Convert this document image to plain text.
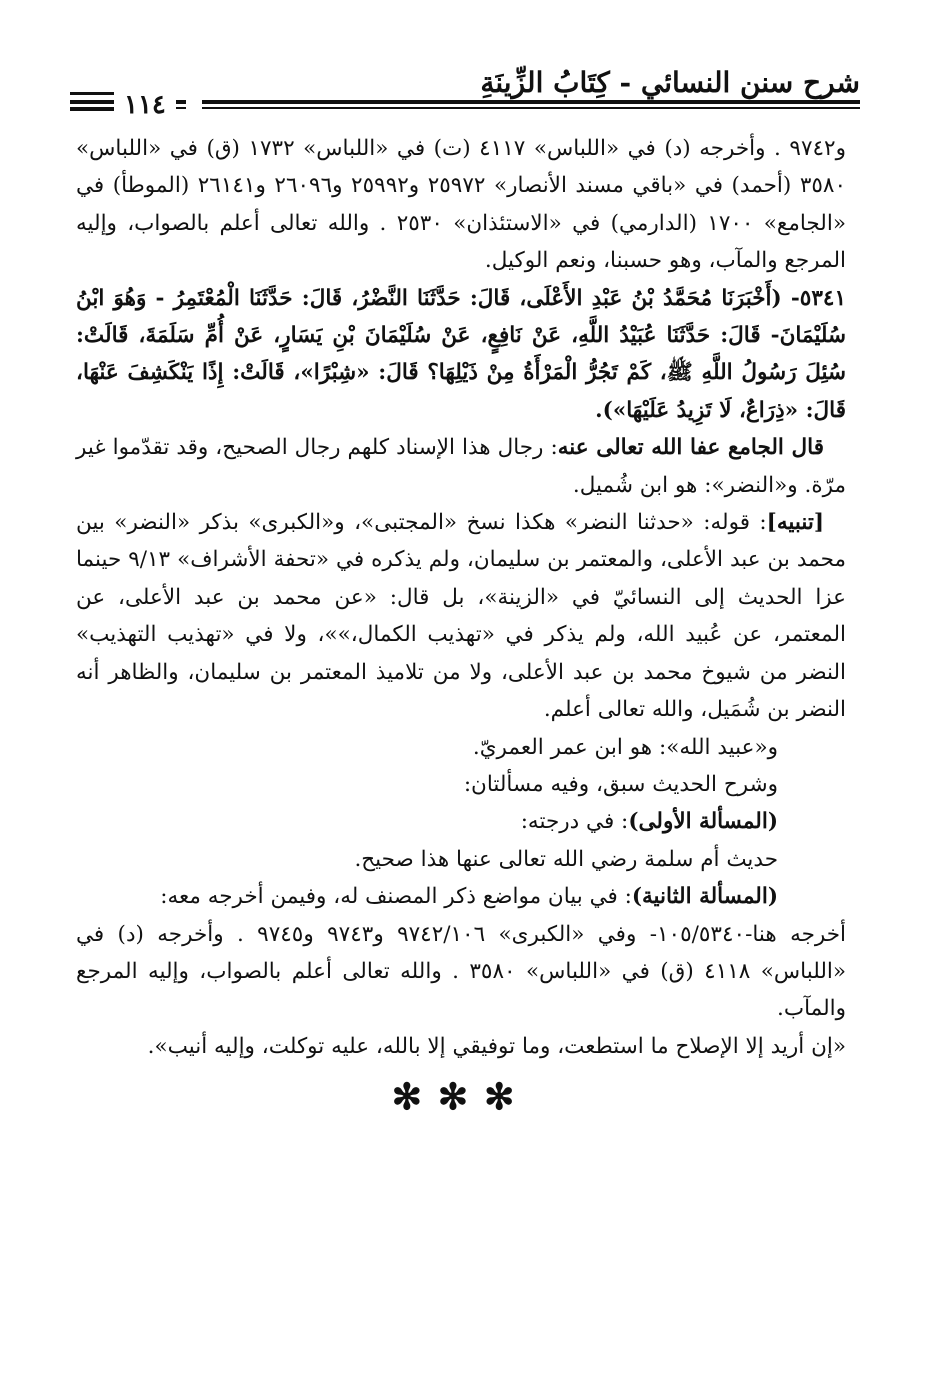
شرح سنن النسائي - كِتَابُ الزِّينَةِ
١١٤

و٩٧٤٢ . وأخرجه (د) في «اللباس» ٤١١٧ (ت) في «اللباس» ١٧٣٢ (ق) في «اللباس» ٣٥٨٠ (أحمد) في «باقي مسند الأنصار» ٢٥٩٧٢ و٢٥٩٩٢ و٢٦٠٩٦ و٢٦١٤١ (الموطأ) في «الجامع» ١٧٠٠ (الدارمي) في «الاستئذان» ٢٥٣٠ . والله تعالى أعلم بالصواب، وإليه المرجع والمآب، وهو حسبنا، ونعم الوكيل.

٥٣٤١- (أَخْبَرَنَا مُحَمَّدُ بْنُ عَبْدِ الأَعْلَى، قَالَ: حَدَّثَنَا النَّضْرُ، قَالَ: حَدَّثَنَا الْمُعْتَمِرُ - وَهُوَ ابْنُ سُلَيْمَانَ- قَالَ: حَدَّثَنَا عُبَيْدُ اللَّهِ، عَنْ نَافِعٍ، عَنْ سُلَيْمَانَ بْنِ يَسَارٍ، عَنْ أُمِّ سَلَمَةَ، قَالَتْ: سُئِلَ رَسُولُ اللَّهِ ﷺ، كَمْ تَجُرُّ الْمَرْأَةُ مِنْ ذَيْلِهَا؟ قَالَ: «شِبْرًا»، قَالَتْ: إِذًا يَنْكَشِفَ عَنْهَا، قَالَ: «ذِرَاعٌ، لَا تَزِيدُ عَلَيْهَا»).

قال الجامع عفا الله تعالى عنه: رجال هذا الإسناد كلهم رجال الصحيح، وقد تقدّموا غير مرّة. و«النضر»: هو ابن شُميل.

[تنبيه]: قوله: «حدثنا النضر» هكذا نسخ «المجتبى»، و«الكبرى» بذكر «النضر» بين محمد بن عبد الأعلى، والمعتمر بن سليمان، ولم يذكره في «تحفة الأشراف» ٩/١٣ حينما عزا الحديث إلى النسائيّ في «الزينة»، بل قال: «عن محمد بن عبد الأعلى، عن المعتمر، عن عُبيد الله، ولم يذكر في «تهذيب الكمال،»»، ولا في «تهذيب التهذيب» النضر من شيوخ محمد بن عبد الأعلى، ولا من تلاميذ المعتمر بن سليمان، والظاهر أنه النضر بن شُمَيل، والله تعالى أعلم.

و«عبيد الله»: هو ابن عمر العمريّ.

وشرح الحديث سبق، وفيه مسألتان:

(المسألة الأولى): في درجته:

حديث أم سلمة رضي الله تعالى عنها هذا صحيح.

(المسألة الثانية): في بيان مواضع ذكر المصنف له، وفيمن أخرجه معه:

أخرجه هنا-١٠٥/٥٣٤٠- وفي «الكبرى» ٩٧٤٢/١٠٦ و٩٧٤٣ و٩٧٤٥ . وأخرجه (د) في «اللباس» ٤١١٨ (ق) في «اللباس» ٣٥٨٠ . والله تعالى أعلم بالصواب، وإليه المرجع والمآب.

«إن أريد إلا الإصلاح ما استطعت، وما توفيقي إلا بالله، عليه توكلت، وإليه أنيب».

✻✻✻
